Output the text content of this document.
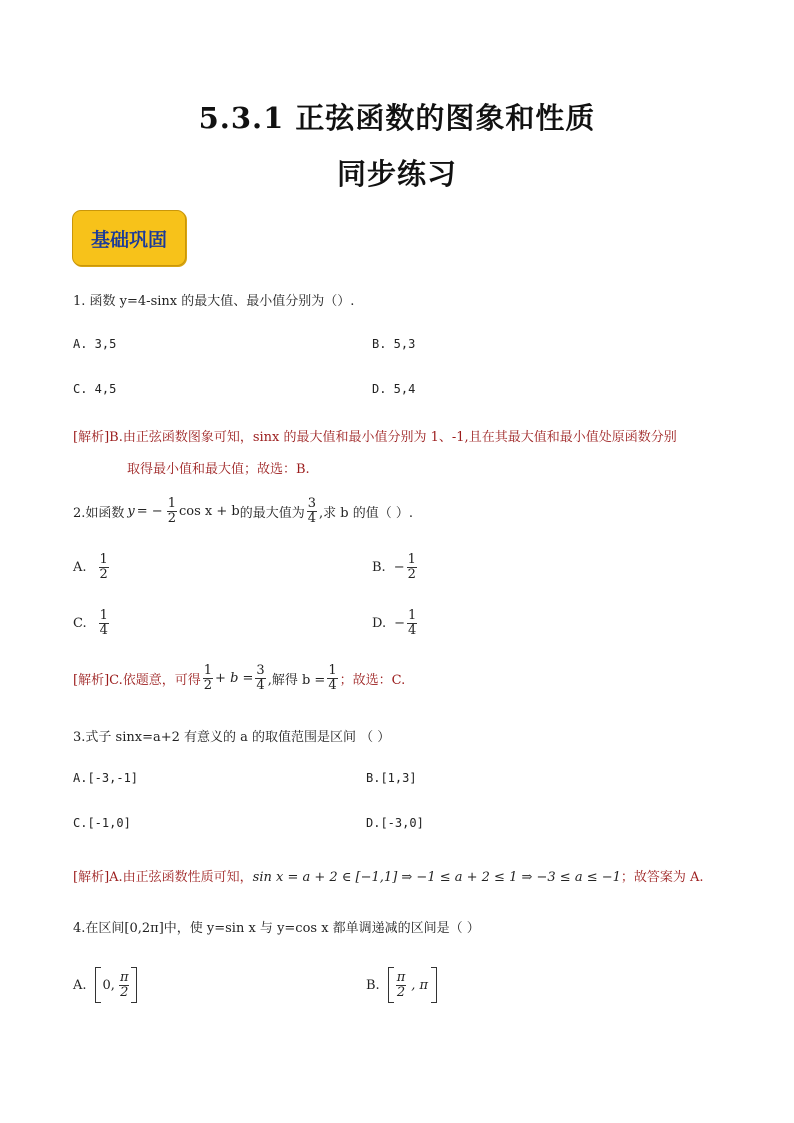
5.3.1 正弦函数的图象和性质
同步练习
基础巩固
1. 函数 y=4-sinx 的最大值、最小值分别为（）.
A. 3,5	B. 5,3
C. 4,5	D. 5,4
[解析]B.由正弦函数图象可知，sinx 的最大值和最小值分别为 1、-1,且在其最大值和最小值处原函数分别
取得最小值和最大值；故选：B.
2.如函数 y = − $\frac{1}{2}$ cos x + b 的最大值为 $\frac{3}{4}$ ,求 b 的值（ ）.
A. $\frac{1}{2}$	B. − $\frac{1}{2}$
C. $\frac{1}{4}$	D. − $\frac{1}{4}$
[解析]C.依题意，可得 $\frac{1}{2} + b = \frac{3}{4}$ ,解得 $b = \frac{1}{4}$ ；故选：C.
3.式子 sinx=a+2 有意义的 a 的取值范围是区间 （ ）
A.[-3,-1]	B.[1,3]
C.[-1,0]	D.[-3,0]
[解析]A.由正弦函数性质可知，sin x = a + 2 ∈ [−1,1] ⇒ −1 ≤ a + 2 ≤ 1 ⇒ −3 ≤ a ≤ −1；故答案为 A.
4.在区间[0,2π]中，使 y=sin x 与 y=cos x 都单调递减的区间是（ ）
A. 0, $\frac{\pi}{2}$	B. $\frac{\pi}{2}$ , π
